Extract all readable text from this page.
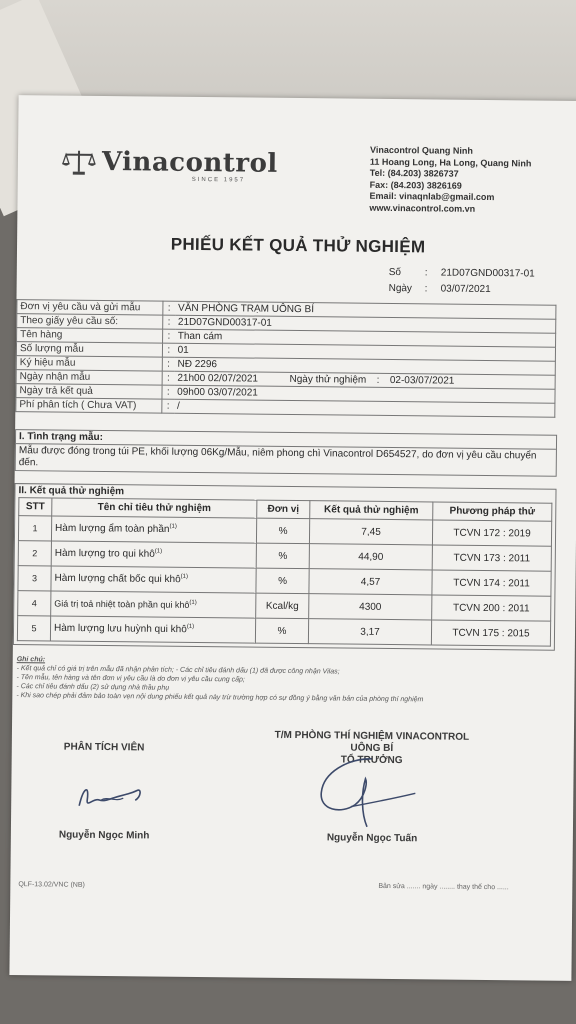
Vinacontrol
SINCE 1957
Vinacontrol Quang Ninh
11 Hoang Long, Ha Long, Quang Ninh
Tel: (84.203) 3826737
Fax: (84.203) 3826169
Email: vinaqnlab@gmail.com
www.vinacontrol.com.vn
PHIẾU KẾT QUẢ THỬ NGHIỆM
Số : 21D07GND00317-01
Ngày : 03/07/2021
Đơn vị yêu cầu và gửi mẫu	:	VĂN PHÒNG TRẠM UÔNG BÍ
Theo giấy yêu cầu số:	:	21D07GND00317-01
Tên hàng	:	Than cám
Số lượng mẫu	:	01
Ký hiệu mẫu	:	NĐ 2296
Ngày nhận mẫu	:	21h00 02/07/2021 Ngày thử nghiệm : 02-03/07/2021
Ngày trả kết quả	:	09h00 03/07/2021
Phí phân tích ( Chưa VAT)	:	/
I. Tình trạng mẫu:
Mẫu được đóng trong túi PE, khối lượng 06Kg/Mẫu, niêm phong chì Vinacontrol D654527, do đơn vị yêu cầu chuyển đến.
II. Kết quả thử nghiệm
STT	Tên chỉ tiêu thử nghiệm	Đơn vị	Kết quả thử nghiệm	Phương pháp thử
1	Hàm lượng ẩm toàn phần$^{(1)}$	%	7,45	TCVN 172 : 2019
2	Hàm lượng tro qui khô$^{(1)}$	%	44,90	TCVN 173 : 2011
3	Hàm lượng chất bốc qui khô$^{(1)}$	%	4,57	TCVN 174 : 2011
4	Giá trị toả nhiệt toàn phần qui khô$^{(1)}$	Kcal/kg	4300	TCVN 200 : 2011
5	Hàm lượng lưu huỳnh qui khô$^{(1)}$	%	3,17	TCVN 175 : 2015
Ghi chú:
- Kết quả chỉ có giá trị trên mẫu đã nhận phân tích; - Các chỉ tiêu đánh dấu (1) đã được công nhận Vilas;
- Tên mẫu, tên hàng và tên đơn vị yêu cầu là do đơn vị yêu cầu cung cấp;
- Các chỉ tiêu đánh dấu (2) sử dụng nhà thầu phụ
- Khi sao chép phải đảm bảo toàn vẹn nội dung phiếu kết quả này trừ trường hợp có sự đồng ý bằng văn bản của phòng thí nghiệm
PHÂN TÍCH VIÊN
T/M PHÒNG THÍ NGHIỆM VINACONTROL UÔNG BÍ
TỔ TRƯỞNG
Nguyễn Ngọc Minh	Nguyễn Ngọc Tuấn
QLF-13.02/VNC (NB)	Bản sửa ....... ngày ........ thay thế cho ......
